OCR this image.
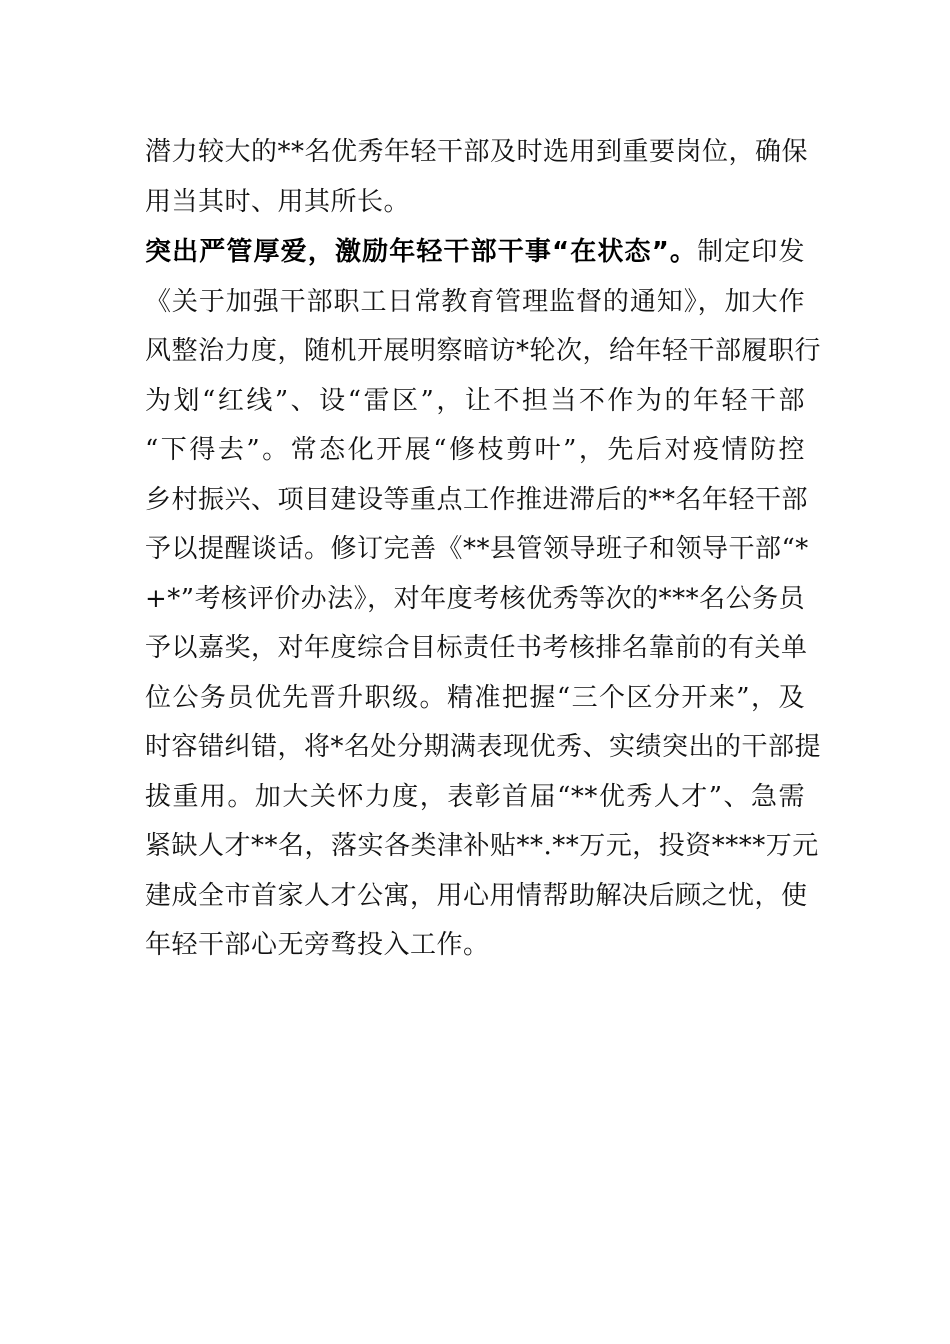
潜力较大的**名优秀年轻干部及时选用到重要岗位，确保
用当其时、用其所长。
突出严管厚爱，激励年轻干部干事“在状态”。制定印发
《关于加强干部职工日常教育管理监督的通知》，加大作
风整治力度，随机开展明察暗访*轮次，给年轻干部履职行
为划“红线”、设“雷区”，让不担当不作为的年轻干部
“下得去”。常态化开展“修枝剪叶”，先后对疫情防控
乡村振兴、项目建设等重点工作推进滞后的**名年轻干部
予以提醒谈话。修订完善《**县管领导班子和领导干部“*
+*”考核评价办法》，对年度考核优秀等次的***名公务员
予以嘉奖，对年度综合目标责任书考核排名靠前的有关单
位公务员优先晋升职级。精准把握“三个区分开来”，及
时容错纠错，将*名处分期满表现优秀、实绩突出的干部提
拔重用。加大关怀力度，表彰首届“**优秀人才”、急需
紧缺人才**名，落实各类津补贴**.**万元，投资****万元
建成全市首家人才公寓，用心用情帮助解决后顾之忧，使
年轻干部心无旁骛投入工作。
